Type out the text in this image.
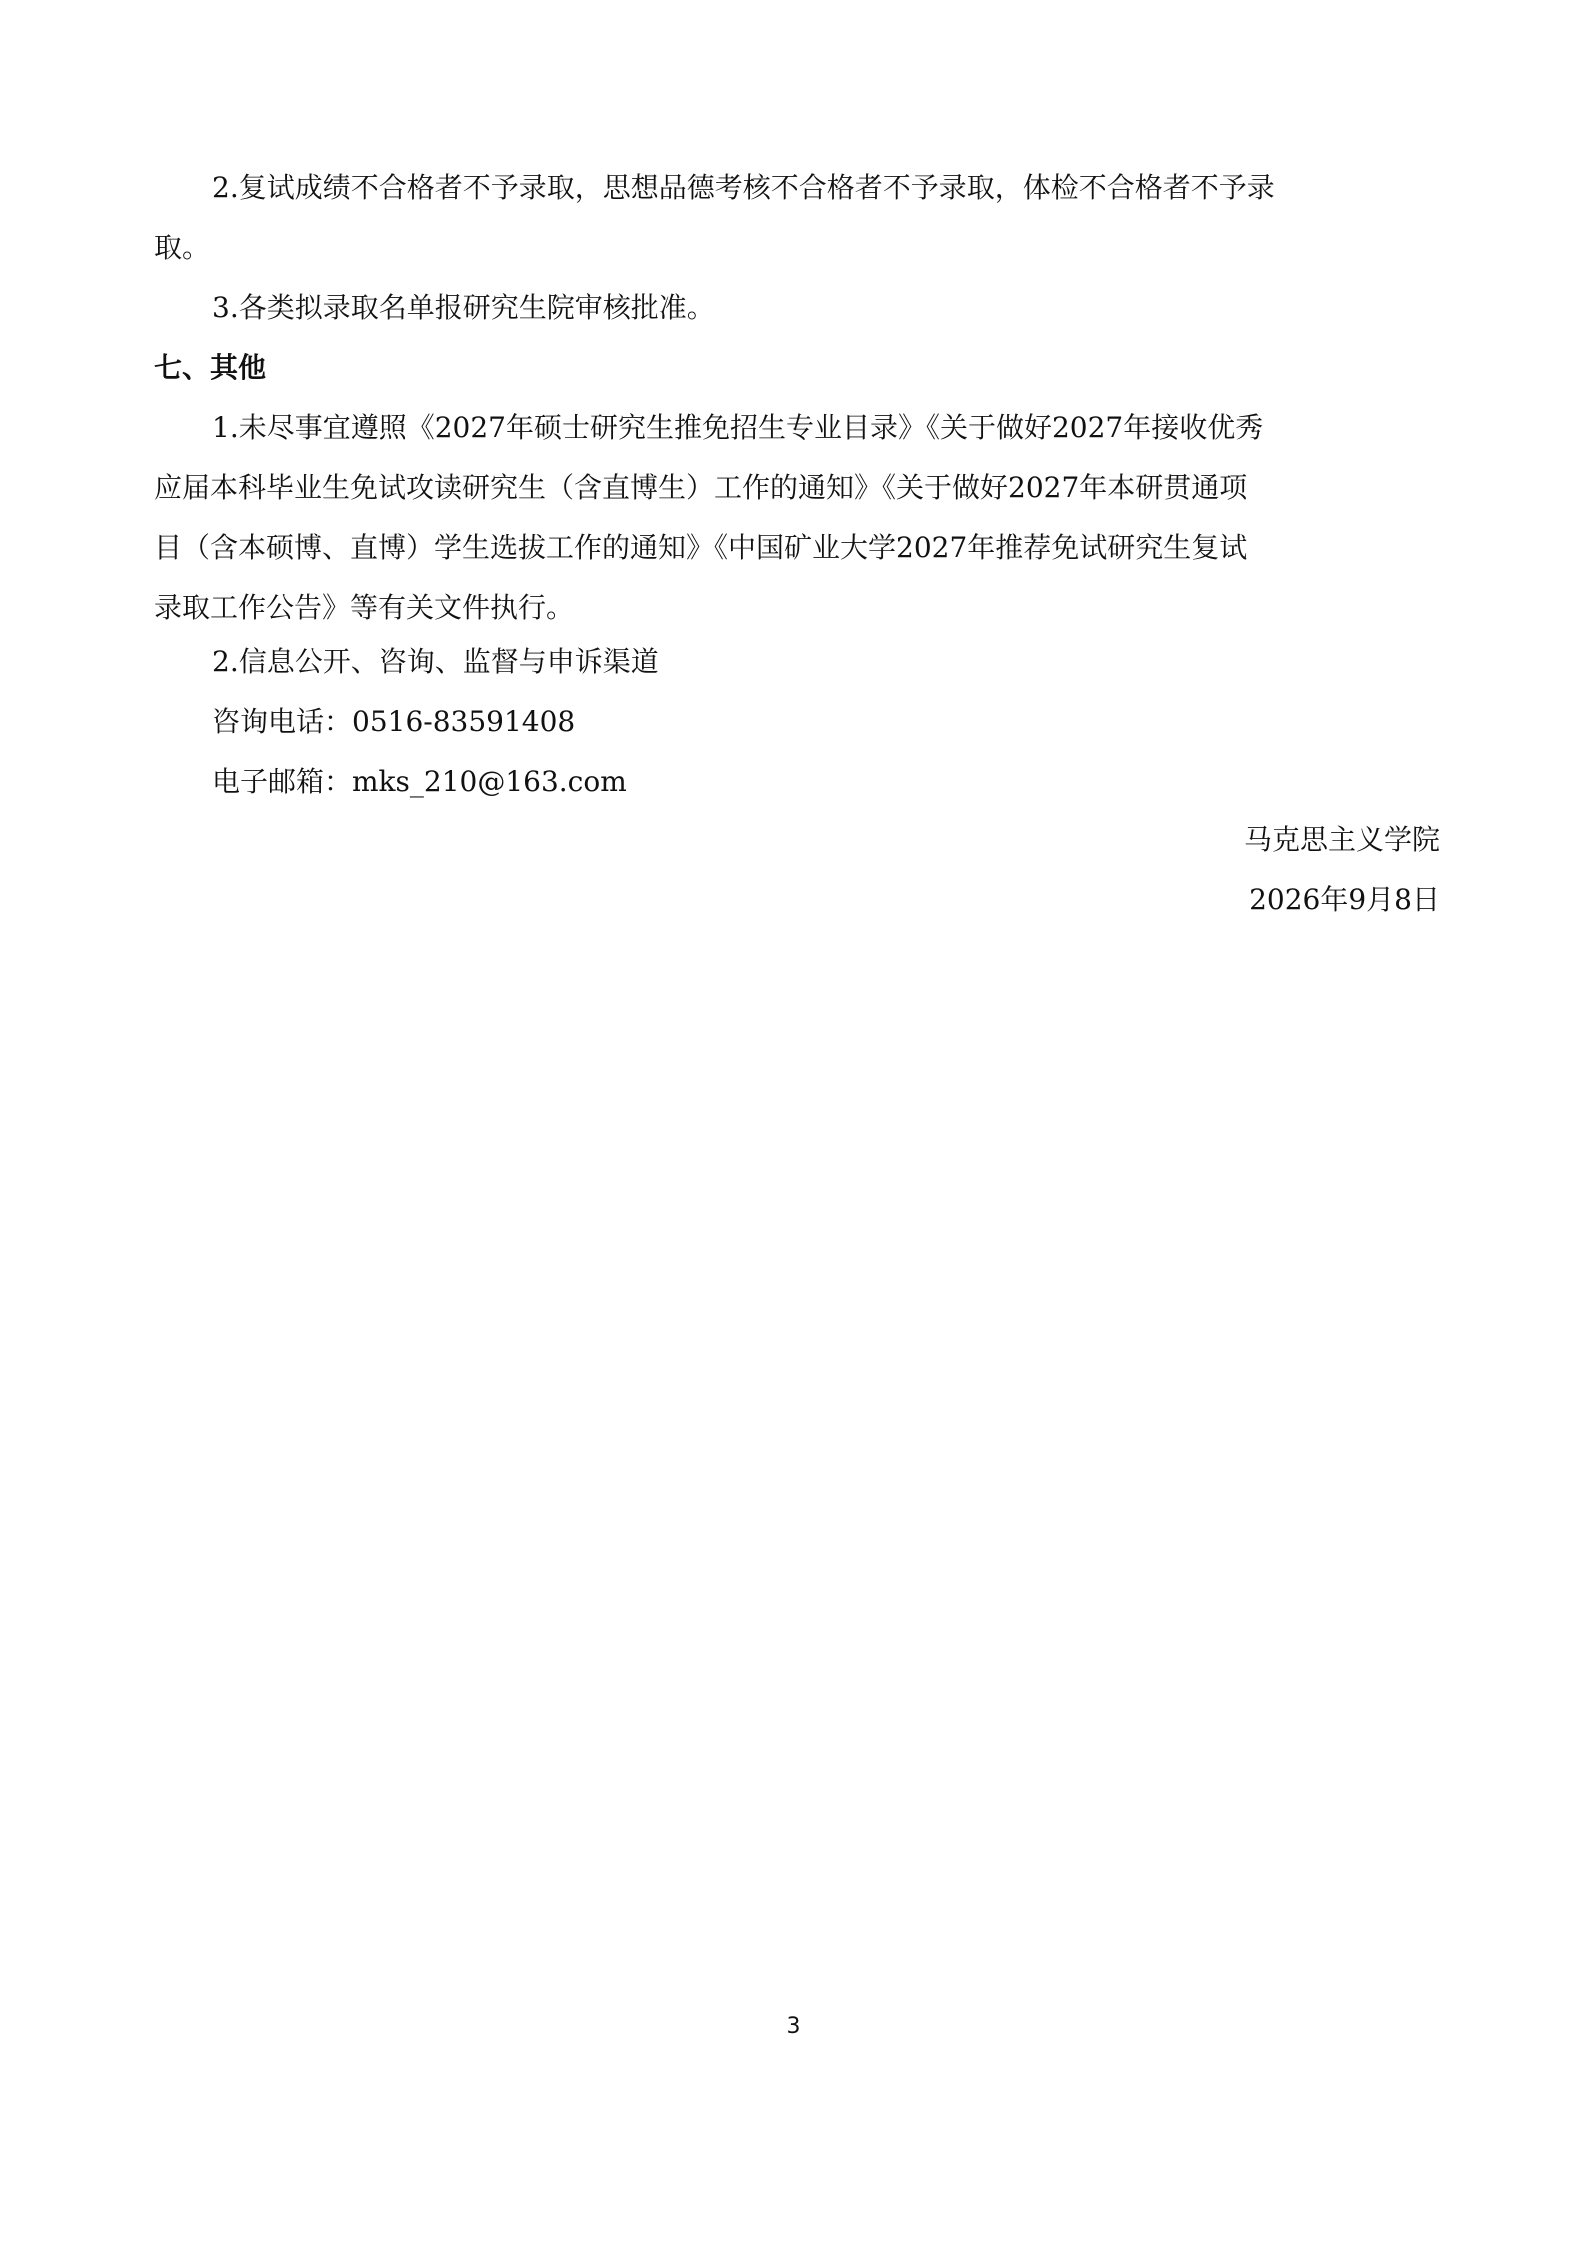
2.复试成绩不合格者不予录取，思想品德考核不合格者不予录取，体检不合格者不予录
取。
3.各类拟录取名单报研究生院审核批准。
七、其他
1.未尽事宜遵照《2027年硕士研究生推免招生专业目录》《关于做好2027年接收优秀
应届本科毕业生免试攻读研究生（含直博生）工作的通知》《关于做好2027年本研贯通项
目（含本硕博、直博）学生选拔工作的通知》《中国矿业大学2027年推荐免试研究生复试
录取工作公告》等有关文件执行。
2.信息公开、咨询、监督与申诉渠道
咨询电话：0516-83591408
电子邮箱：mks_210@163.com
马克思主义学院
2026年9月8日
3
